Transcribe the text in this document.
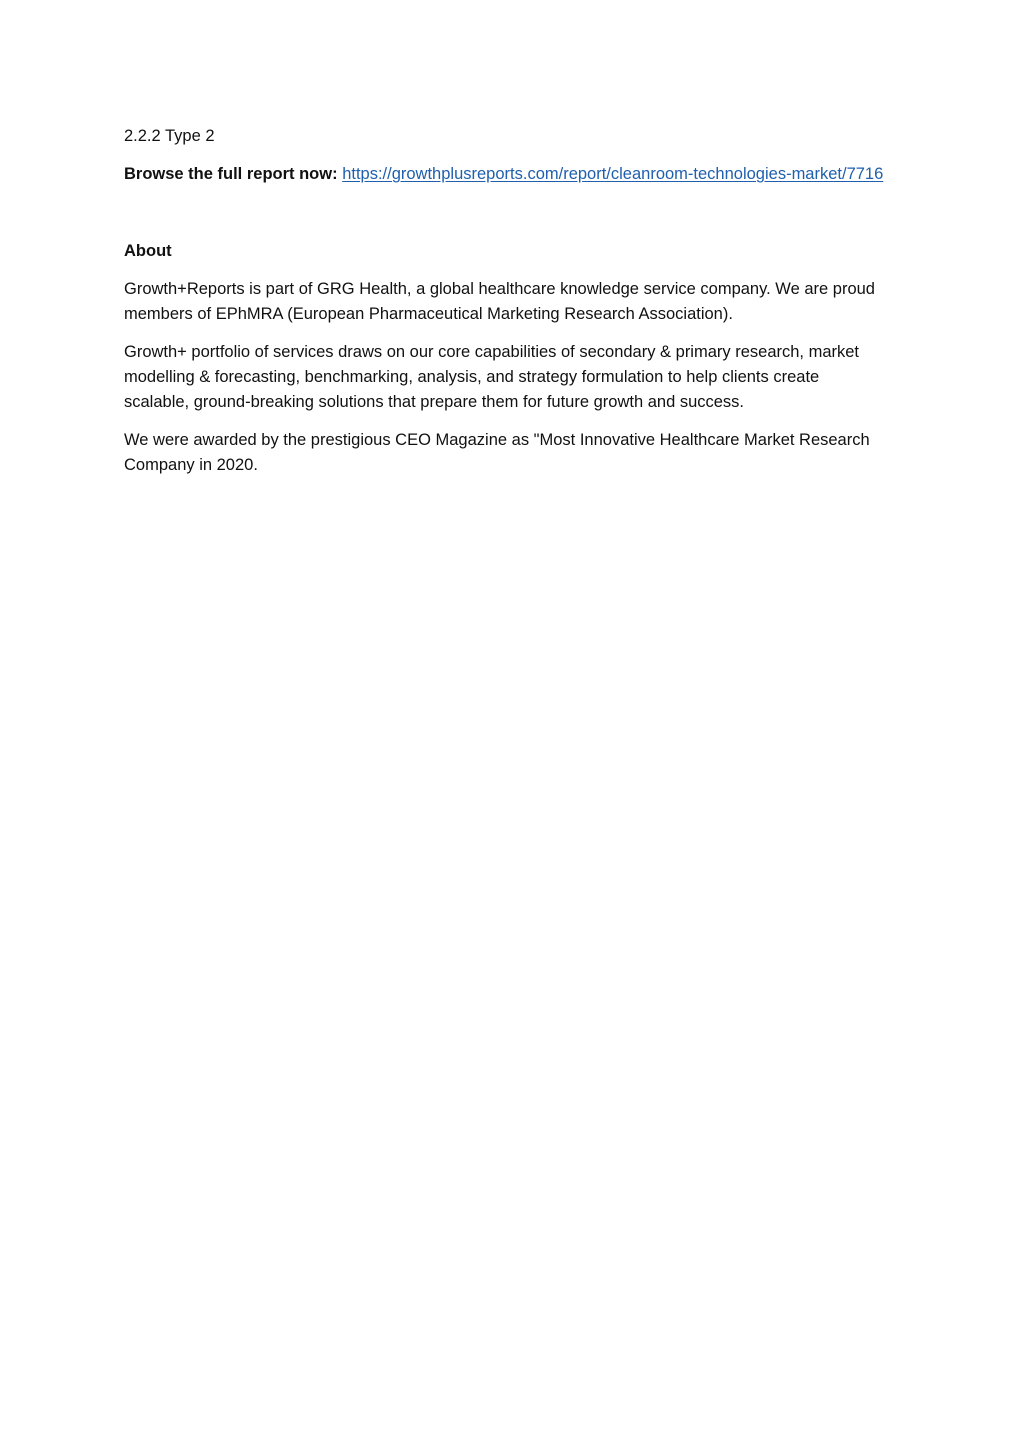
2.2.2 Type 2

Browse the full report now: https://growthplusreports.com/report/cleanroom-technologies-market/7716

About

Growth+Reports is part of GRG Health, a global healthcare knowledge service company. We are proud members of EPhMRA (European Pharmaceutical Marketing Research Association).

Growth+ portfolio of services draws on our core capabilities of secondary & primary research, market modelling & forecasting, benchmarking, analysis, and strategy formulation to help clients create scalable, ground-breaking solutions that prepare them for future growth and success.

We were awarded by the prestigious CEO Magazine as "Most Innovative Healthcare Market Research Company in 2020.
